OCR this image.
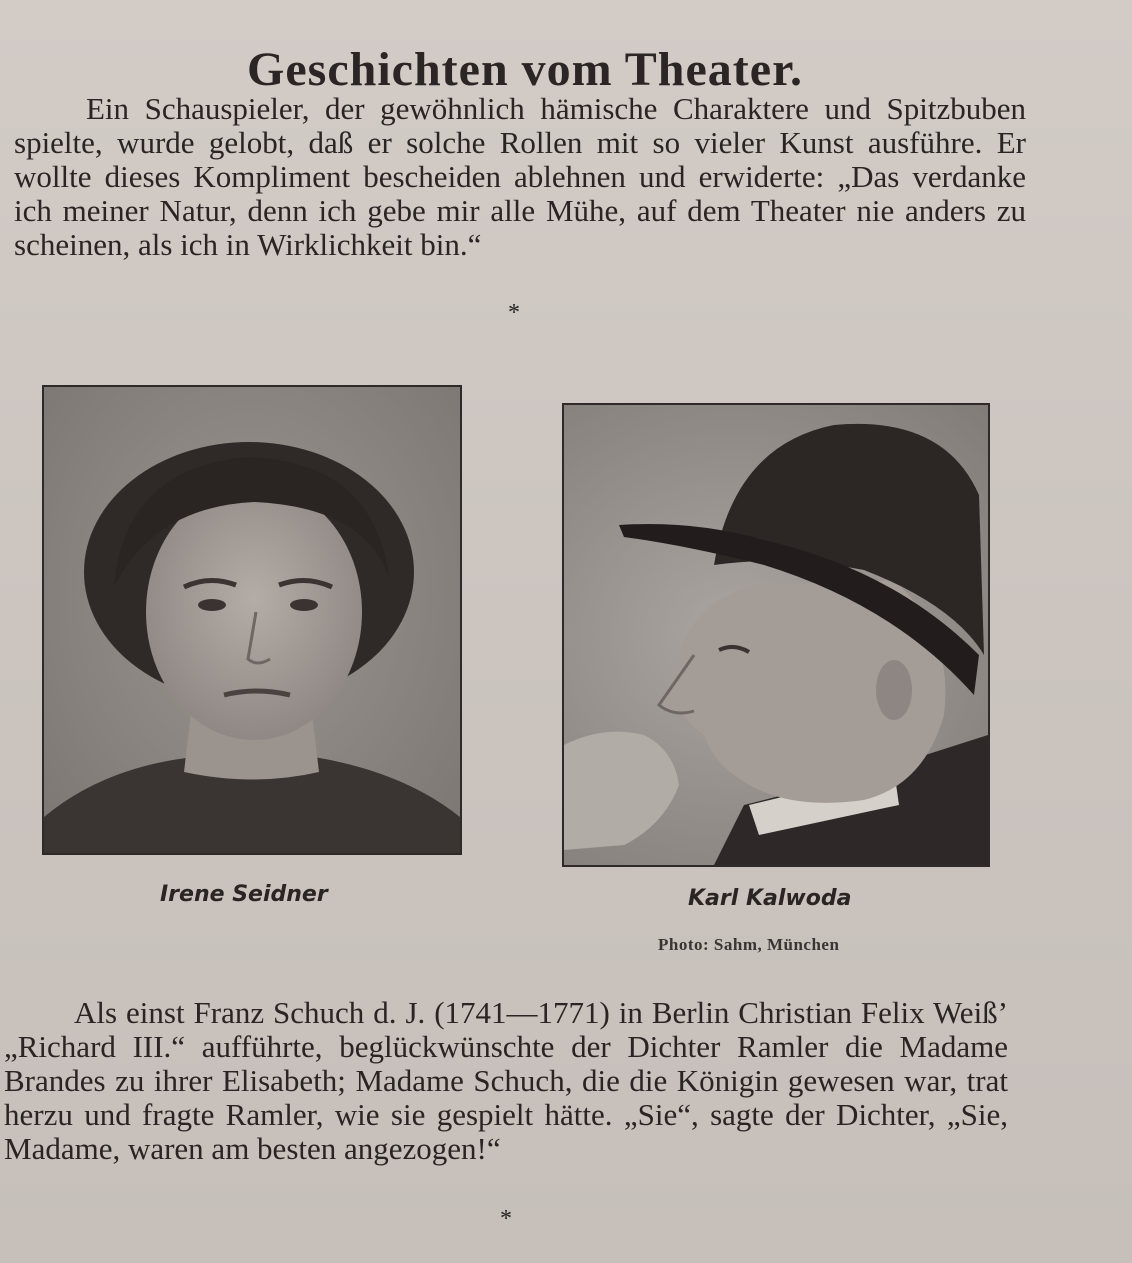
Geschichten vom Theater.

Ein Schauspieler, der gewöhnlich hämische Charaktere und Spitzbuben spielte, wurde gelobt, daß er solche Rollen mit so vieler Kunst ausführe. Er wollte dieses Kompliment bescheiden ablehnen und erwiderte: „Das verdanke ich meiner Natur, denn ich gebe mir alle Mühe, auf dem Theater nie anders zu scheinen, als ich in Wirklichkeit bin.“

*
Irene Seidner	Karl Kalwoda
Photo: Sahm, München

Als einst Franz Schuch d. J. (1741—1771) in Berlin Christian Felix Weiß’ „Richard III.“ aufführte, beglückwünschte der Dichter Ramler die Madame Brandes zu ihrer Elisabeth; Madame Schuch, die die Königin gewesen war, trat herzu und fragte Ramler, wie sie gespielt hätte. „Sie“, sagte der Dichter, „Sie, Madame, waren am besten angezogen!“

*
